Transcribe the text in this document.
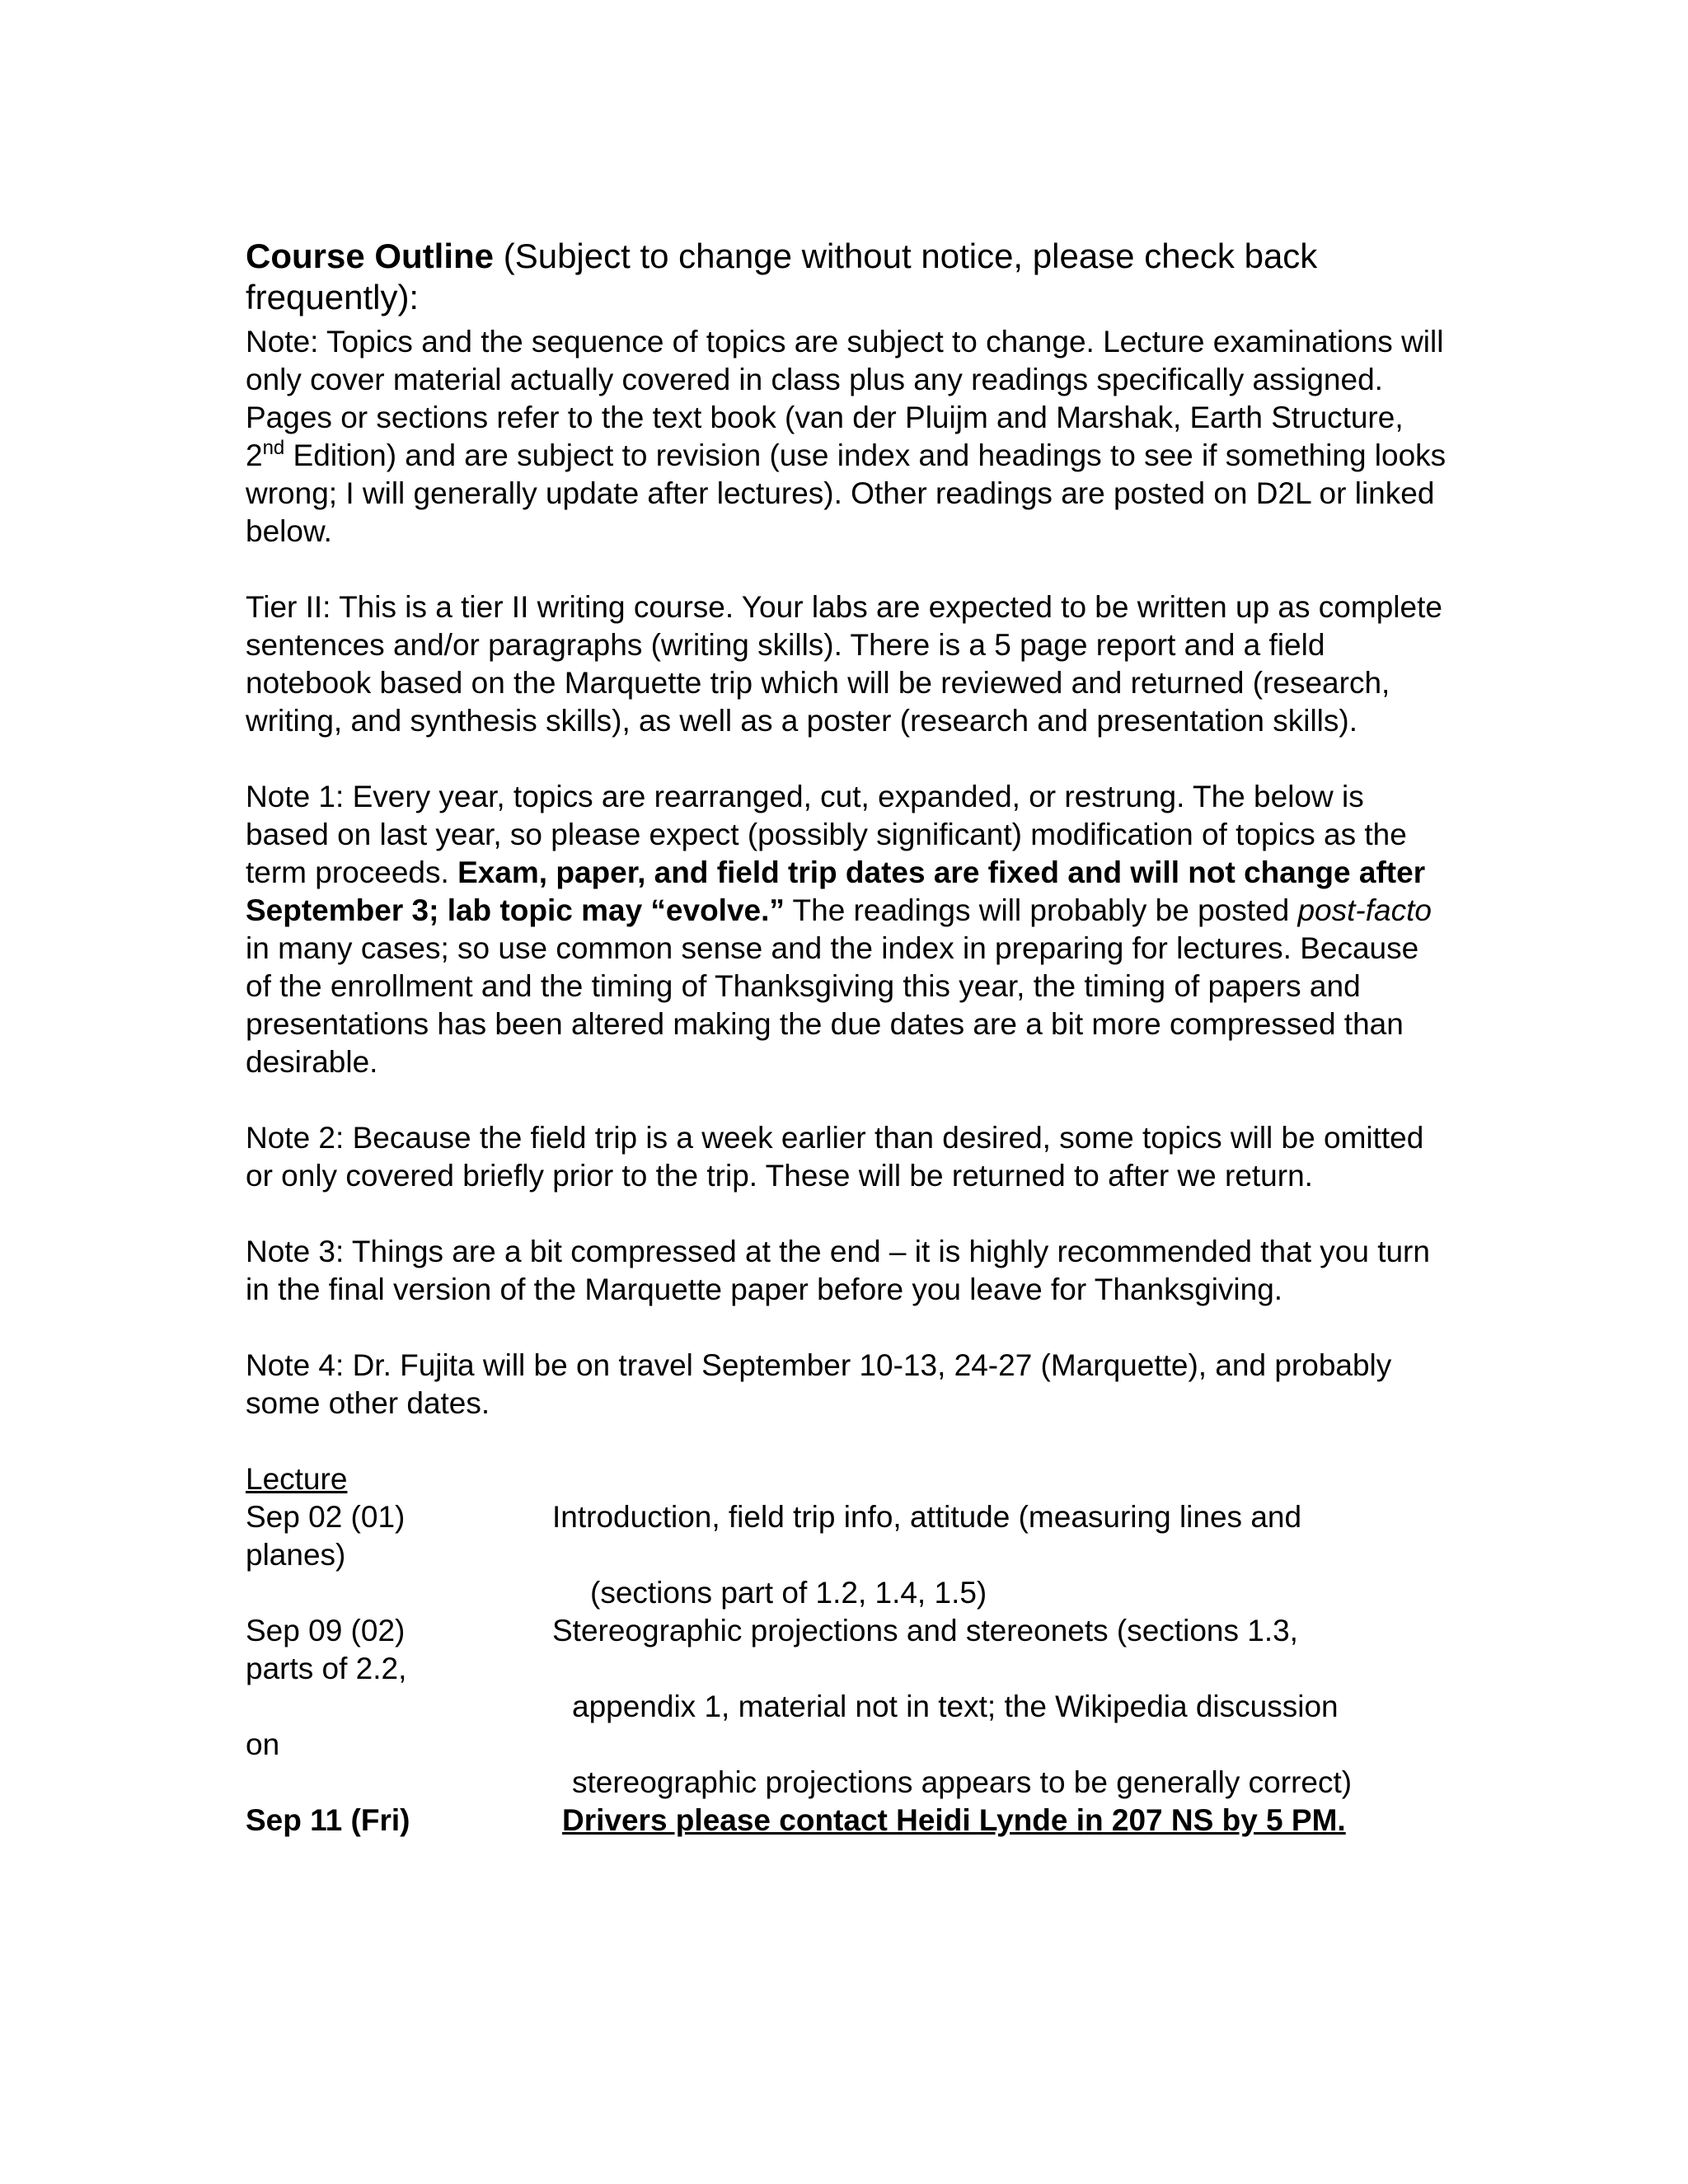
Course Outline (Subject to change without notice, please check back frequently):

Note: Topics and the sequence of topics are subject to change. Lecture examinations will only cover material actually covered in class plus any readings specifically assigned. Pages or sections refer to the text book (van der Pluijm and Marshak, Earth Structure, 2nd Edition) and are subject to revision (use index and headings to see if something looks wrong; I will generally update after lectures). Other readings are posted on D2L or linked below.

Tier II: This is a tier II writing course. Your labs are expected to be written up as complete sentences and/or paragraphs (writing skills). There is a 5 page report and a field notebook based on the Marquette trip which will be reviewed and returned (research, writing, and synthesis skills), as well as a poster (research and presentation skills).

Note 1: Every year, topics are rearranged, cut, expanded, or restrung. The below is based on last year, so please expect (possibly significant) modification of topics as the term proceeds. Exam, paper, and field trip dates are fixed and will not change after September 3; lab topic may “evolve.” The readings will probably be posted post-facto in many cases; so use common sense and the index in preparing for lectures. Because of the enrollment and the timing of Thanksgiving this year, the timing of papers and presentations has been altered making the due dates are a bit more compressed than desirable.

Note 2: Because the field trip is a week earlier than desired, some topics will be omitted or only covered briefly prior to the trip. These will be returned to after we return.

Note 3: Things are a bit compressed at the end – it is highly recommended that you turn in the final version of the Marquette paper before you leave for Thanksgiving.

Note 4: Dr. Fujita will be on travel September 10-13, 24-27 (Marquette), and probably some other dates.

Lecture
Sep 02 (01)	Introduction, field trip info, attitude (measuring lines and
planes)
(sections part of 1.2, 1.4, 1.5)
Sep 09 (02)	Stereographic projections and stereonets (sections 1.3,
parts of 2.2,
appendix 1, material not in text; the Wikipedia discussion
on
stereographic projections appears to be generally correct)
Sep 11 (Fri)	Drivers please contact Heidi Lynde in 207 NS by 5 PM.
